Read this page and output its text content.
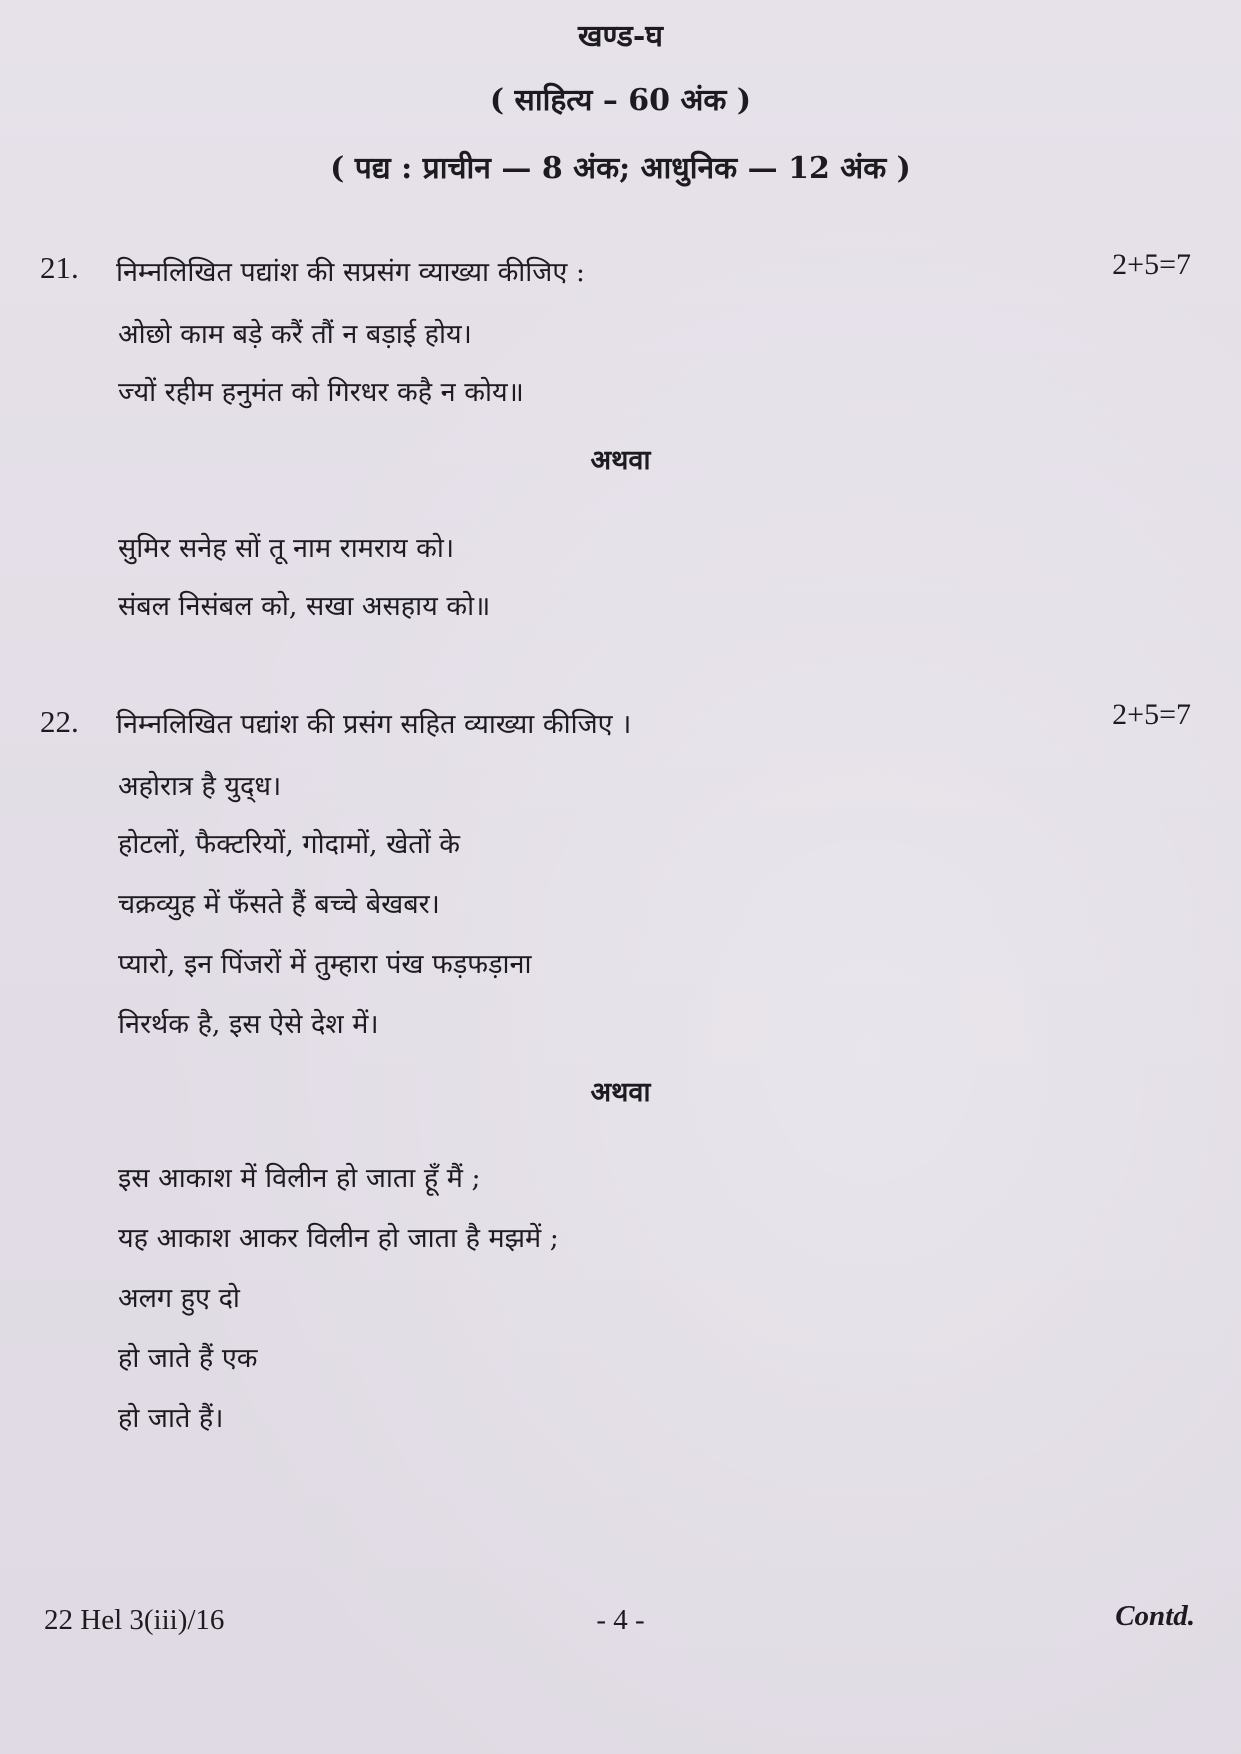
खण्ड-घ
( साहित्य – 60 अंक )
( पद्य : प्राचीन — 8 अंक; आधुनिक — 12 अंक )
21. निम्नलिखित पद्यांश की सप्रसंग व्याख्या कीजिए :	2+5=7
ओछो काम बड़े करैं तौं न बड़ाई होय।
ज्यों रहीम हनुमंत को गिरधर कहै न कोय॥
अथवा
सुमिर सनेह सों तू नाम रामराय को।
संबल निसंबल को, सखा असहाय को॥
22. निम्नलिखित पद्यांश की प्रसंग सहित व्याख्या कीजिए ।	2+5=7
अहोरात्र है युद्‍ध।
होटलों, फैक्टरियों, गोदामों, खेतों के
चक्रव्युह में फँसते हैं बच्चे बेखबर।
प्यारो, इन पिंजरों में तुम्हारा पंख फड़फड़ाना
निरर्थक है, इस ऐसे देश में।
अथवा
इस आकाश में विलीन हो जाता हूँ मैं ;
यह आकाश आकर विलीन हो जाता है मझमें ;
अलग हुए दो
हो जाते हैं एक
हो जाते हैं।
22 Hel 3(iii)/16	- 4 -	Contd.
